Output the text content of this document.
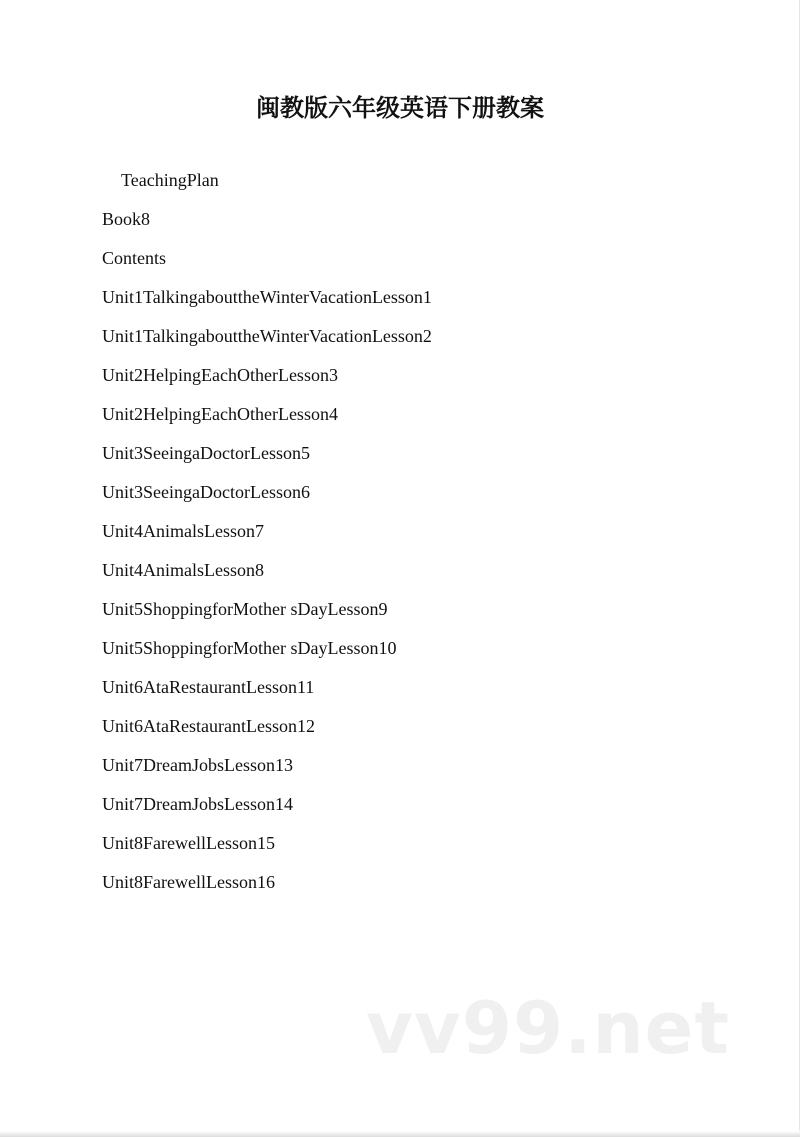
闽教版六年级英语下册教案
TeachingPlan
Book8
Contents
Unit1TalkingabouttheWinterVacationLesson1
Unit1TalkingabouttheWinterVacationLesson2
Unit2HelpingEachOtherLesson3
Unit2HelpingEachOtherLesson4
Unit3SeeingaDoctorLesson5
Unit3SeeingaDoctorLesson6
Unit4AnimalsLesson7
Unit4AnimalsLesson8
Unit5ShoppingforMother sDayLesson9
Unit5ShoppingforMother sDayLesson10
Unit6AtaRestaurantLesson11
Unit6AtaRestaurantLesson12
Unit7DreamJobsLesson13
Unit7DreamJobsLesson14
Unit8FarewellLesson15
Unit8FarewellLesson16
vv99.net
